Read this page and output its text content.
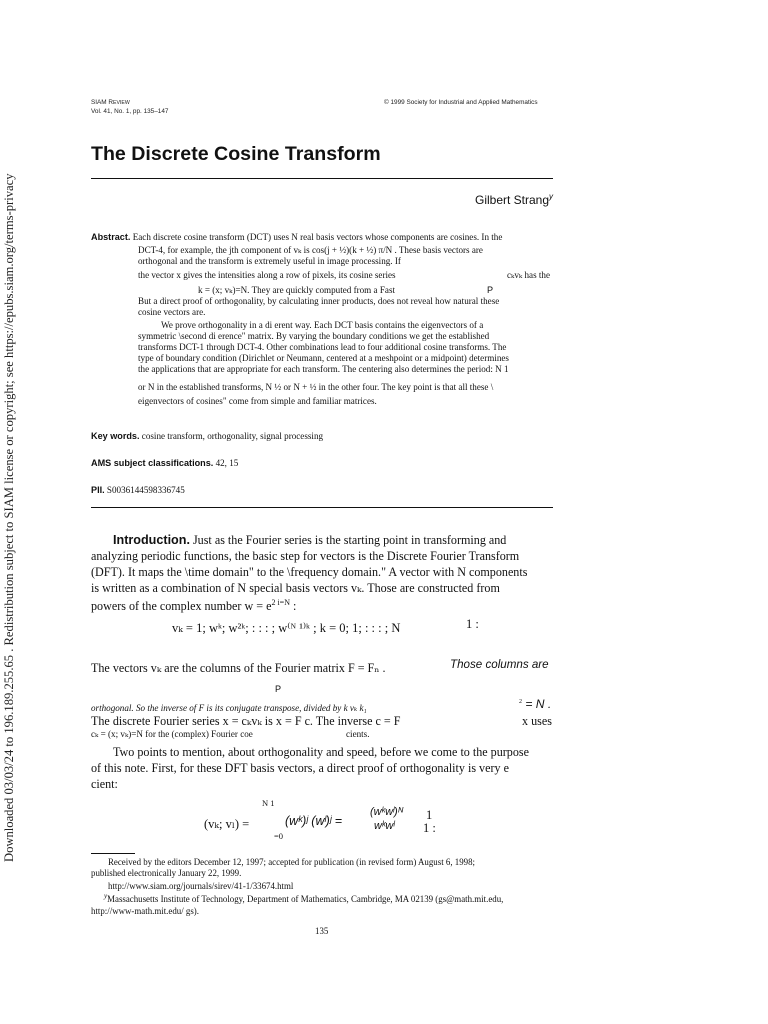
Downloaded 03/03/24 to 196.189.255.65 . Redistribution subject to SIAM license or copyright; see https://epubs.siam.org/terms-privacy
SIAM REVIEW
Vol. 41, No. 1, pp. 135–147
© 1999 Society for Industrial and Applied Mathematics
The Discrete Cosine Transform
Gilbert Strang$^y$
Abstract. Each discrete cosine transform (DCT) uses N real basis vectors whose components are cosines. In the
DCT-4, for example, the jth component of vₖ is cos(j + ½)(k + ½) π/N . These basis vectors are
orthogonal and the transform is extremely useful in image processing. If
the vector x gives the intensities along a row of pixels, its cosine series	cₖvₖ has the
k = (x; vₖ)=N. They are quickly computed from a Fast	P
But a direct proof of orthogonality, by calculating inner products, does not reveal how natural these
cosine vectors are.
We prove orthogonality in a di erent way. Each DCT basis contains the eigenvectors of a
symmetric \second di erence" matrix. By varying the boundary conditions we get the established
transforms DCT-1 through DCT-4. Other combinations lead to four additional cosine transforms. The
type of boundary condition (Dirichlet or Neumann, centered at a meshpoint or a midpoint) determines
the applications that are appropriate for each transform. The centering also determines the period: N 1
or N in the established transforms, N ½ or N + ½ in the other four. The key point is that all these \
eigenvectors of cosines" come from simple and familiar matrices.
Key words. cosine transform, orthogonality, signal processing
AMS subject classifications. 42, 15
PII. S0036144598336745
Introduction. Just as the Fourier series is the starting point in transforming and
analyzing periodic functions, the basic step for vectors is the Discrete Fourier Transform
(DFT). It maps the \time domain" to the \frequency domain." A vector with N components
is written as a combination of N special basis vectors vₖ. Those are constructed from
powers of the complex number $w = e^{2 i=N}$ :
vₖ = 1; wᵏ; w²ᵏ; : : : ; w⁽ᴺ ¹⁾ᵏ ; k = 0; 1; : : : ; N	1 :
The vectors vₖ are the columns of the Fourier matrix F = Fₙ .	Those columns are
P
orthogonal. So the inverse of F is its conjugate transpose, divided by k vₖ k₁
$^2$ = N .
The discrete Fourier series x = cₖvₖ is x = F c. The inverse c = F	x uses
cₖ = (x; vₖ)=N for the (complex) Fourier coe	cients.
Two points to mention, about orthogonality and speed, before we come to the purpose
of this note. First, for these DFT basis vectors, a direct proof of orthogonality is very e
cient:
(vₖ; vₗ) =
N 1
=0
(wᵏ)ʲ (wˡ)ʲ =
(wᵏwˡ)ᴺ
wᵏwˡ
1
1 :
Received by the editors December 12, 1997; accepted for publication (in revised form) August 6, 1998;
published electronically January 22, 1999.
http://www.siam.org/journals/sirev/41-1/33674.html
$^y$Massachusetts Institute of Technology, Department of Mathematics, Cambridge, MA 02139 (gs@math.mit.edu,
http://www-math.mit.edu/ gs).
135
